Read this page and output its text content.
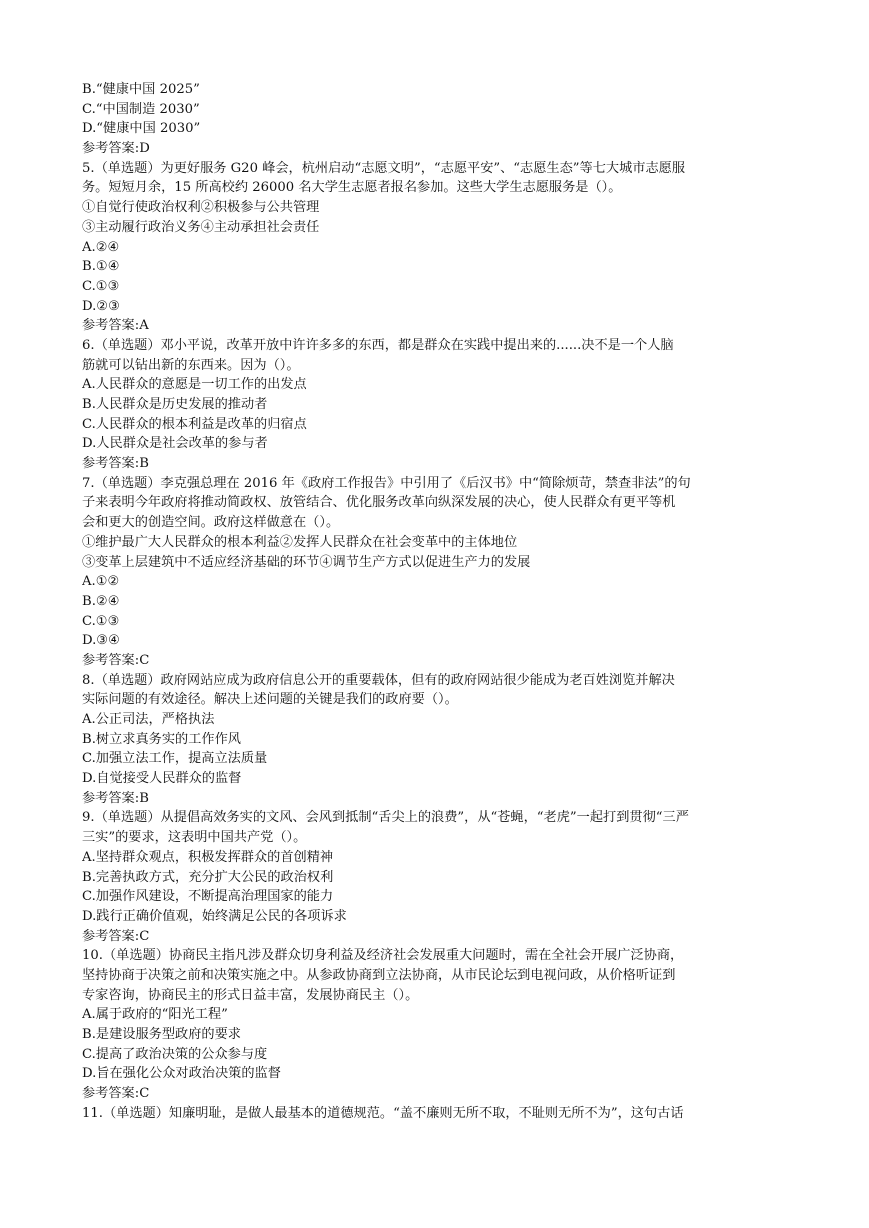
B.“健康中国 2025”
C.“中国制造 2030”
D.“健康中国 2030”
参考答案:D
5.（单选题）为更好服务 G20 峰会，杭州启动“志愿文明”，“志愿平安”、“志愿生态”等七大城市志愿服
务。短短月余，15 所高校约 26000 名大学生志愿者报名参加。这些大学生志愿服务是（）。
①自觉行使政治权利②积极参与公共管理
③主动履行政治义务④主动承担社会责任
A.②④
B.①④
C.①③
D.②③
参考答案:A
6.（单选题）邓小平说，改革开放中许许多多的东西，都是群众在实践中提出来的......决不是一个人脑
筋就可以钻出新的东西来。因为（）。
A.人民群众的意愿是一切工作的出发点
B.人民群众是历史发展的推动者
C.人民群众的根本利益是改革的归宿点
D.人民群众是社会改革的参与者
参考答案:B
7.（单选题）李克强总理在 2016 年《政府工作报告》中引用了《后汉书》中“简除烦苛，禁查非法”的句
子来表明今年政府将推动简政权、放管结合、优化服务改革向纵深发展的决心，使人民群众有更平等机
会和更大的创造空间。政府这样做意在（）。
①维护最广大人民群众的根本利益②发挥人民群众在社会变革中的主体地位
③变革上层建筑中不适应经济基础的环节④调节生产方式以促进生产力的发展
A.①②
B.②④
C.①③
D.③④
参考答案:C
8.（单选题）政府网站应成为政府信息公开的重要载体，但有的政府网站很少能成为老百姓浏览并解决
实际问题的有效途径。解决上述问题的关键是我们的政府要（）。
A.公正司法，严格执法
B.树立求真务实的工作作风
C.加强立法工作，提高立法质量
D.自觉接受人民群众的监督
参考答案:B
9.（单选题）从提倡高效务实的文风、会风到抵制“舌尖上的浪费”，从“苍蝇，“老虎”一起打到贯彻“三严
三实”的要求，这表明中国共产党（）。
A.坚持群众观点，积极发挥群众的首创精神
B.完善执政方式，充分扩大公民的政治权利
C.加强作风建设，不断提高治理国家的能力
D.践行正确价值观，始终满足公民的各项诉求
参考答案:C
10.（单选题）协商民主指凡涉及群众切身利益及经济社会发展重大问题时，需在全社会开展广泛协商，
坚持协商于决策之前和决策实施之中。从参政协商到立法协商，从市民论坛到电视问政，从价格听证到
专家咨询，协商民主的形式日益丰富，发展协商民主（）。
A.属于政府的“阳光工程”
B.是建设服务型政府的要求
C.提高了政治决策的公众参与度
D.旨在强化公众对政治决策的监督
参考答案:C
11.（单选题）知廉明耻，是做人最基本的道德规范。“盖不廉则无所不取，不耻则无所不为”，这句古话
